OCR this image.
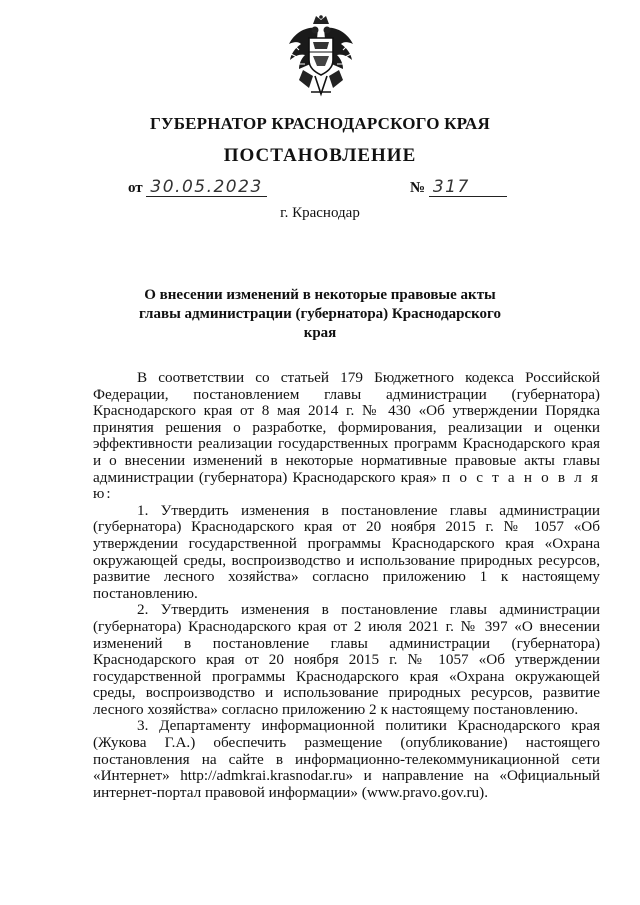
ГУБЕРНАТОР КРАСНОДАРСКОГО КРАЯ
ПОСТАНОВЛЕНИЕ
от 30.05.2023	№ 317
г. Краснодар
О внесении изменений в некоторые правовые акты главы администрации (губернатора) Краснодарского края

В соответствии со статьей 179 Бюджетного кодекса Российской Федерации, постановлением главы администрации (губернатора) Краснодарского края от 8 мая 2014 г. № 430 «Об утверждении Порядка принятия решения о разработке, формирования, реализации и оценки эффективности реализации государственных программ Краснодарского края и о внесении изменений в некоторые нормативные правовые акты главы администрации (губернатора) Краснодарского края» п о с т а н о в л я ю:

1. Утвердить изменения в постановление главы администрации (губернатора) Краснодарского края от 20 ноября 2015 г. № 1057 «Об утверждении государственной программы Краснодарского края «Охрана окружающей среды, воспроизводство и использование природных ресурсов, развитие лесного хозяйства» согласно приложению 1 к настоящему постановлению.

2. Утвердить изменения в постановление главы администрации (губернатора) Краснодарского края от 2 июля 2021 г. № 397 «О внесении изменений в постановление главы администрации (губернатора) Краснодарского края от 20 ноября 2015 г. № 1057 «Об утверждении государственной программы Краснодарского края «Охрана окружающей среды, воспроизводство и использование природных ресурсов, развитие лесного хозяйства» согласно приложению 2 к настоящему постановлению.

3. Департаменту информационной политики Краснодарского края (Жукова Г.А.) обеспечить размещение (опубликование) настоящего постановления на сайте в информационно-телекоммуникационной сети «Интернет» http://admkrai.krasnodar.ru» и направление на «Официальный интернет-портал правовой информации» (www.pravo.gov.ru).
